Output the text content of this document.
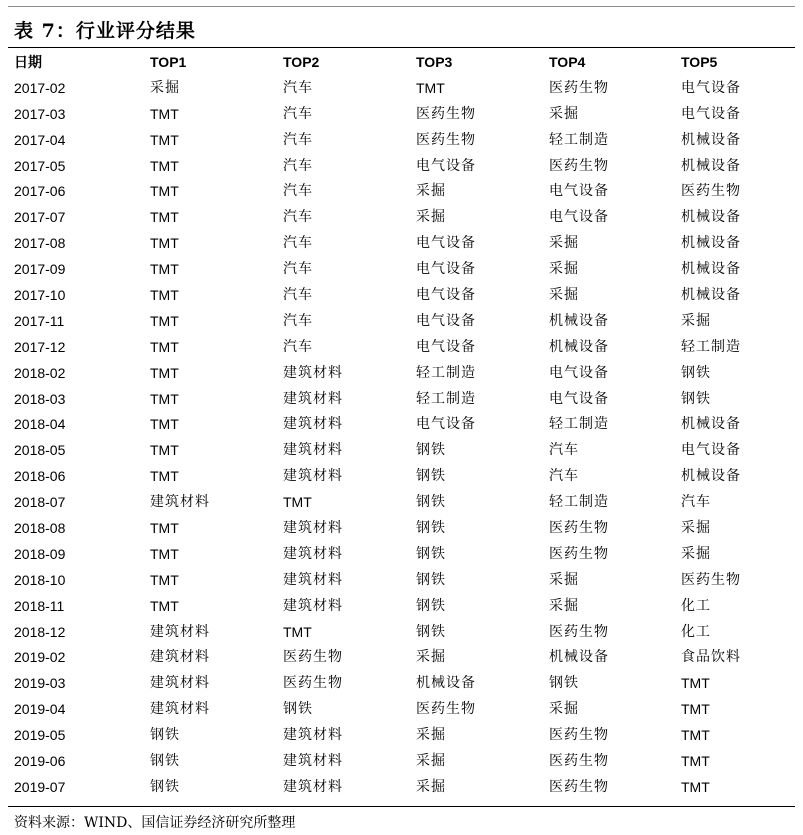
表 7：行业评分结果
日期	TOP1	TOP2	TOP3	TOP4	TOP5
2017-02	采掘	汽车	TMT	医药生物	电气设备
2017-03	TMT	汽车	医药生物	采掘	电气设备
2017-04	TMT	汽车	医药生物	轻工制造	机械设备
2017-05	TMT	汽车	电气设备	医药生物	机械设备
2017-06	TMT	汽车	采掘	电气设备	医药生物
2017-07	TMT	汽车	采掘	电气设备	机械设备
2017-08	TMT	汽车	电气设备	采掘	机械设备
2017-09	TMT	汽车	电气设备	采掘	机械设备
2017-10	TMT	汽车	电气设备	采掘	机械设备
2017-11	TMT	汽车	电气设备	机械设备	采掘
2017-12	TMT	汽车	电气设备	机械设备	轻工制造
2018-02	TMT	建筑材料	轻工制造	电气设备	钢铁
2018-03	TMT	建筑材料	轻工制造	电气设备	钢铁
2018-04	TMT	建筑材料	电气设备	轻工制造	机械设备
2018-05	TMT	建筑材料	钢铁	汽车	电气设备
2018-06	TMT	建筑材料	钢铁	汽车	机械设备
2018-07	建筑材料	TMT	钢铁	轻工制造	汽车
2018-08	TMT	建筑材料	钢铁	医药生物	采掘
2018-09	TMT	建筑材料	钢铁	医药生物	采掘
2018-10	TMT	建筑材料	钢铁	采掘	医药生物
2018-11	TMT	建筑材料	钢铁	采掘	化工
2018-12	建筑材料	TMT	钢铁	医药生物	化工
2019-02	建筑材料	医药生物	采掘	机械设备	食品饮料
2019-03	建筑材料	医药生物	机械设备	钢铁	TMT
2019-04	建筑材料	钢铁	医药生物	采掘	TMT
2019-05	钢铁	建筑材料	采掘	医药生物	TMT
2019-06	钢铁	建筑材料	采掘	医药生物	TMT
2019-07	钢铁	建筑材料	采掘	医药生物	TMT
资料来源：WIND、国信证券经济研究所整理
